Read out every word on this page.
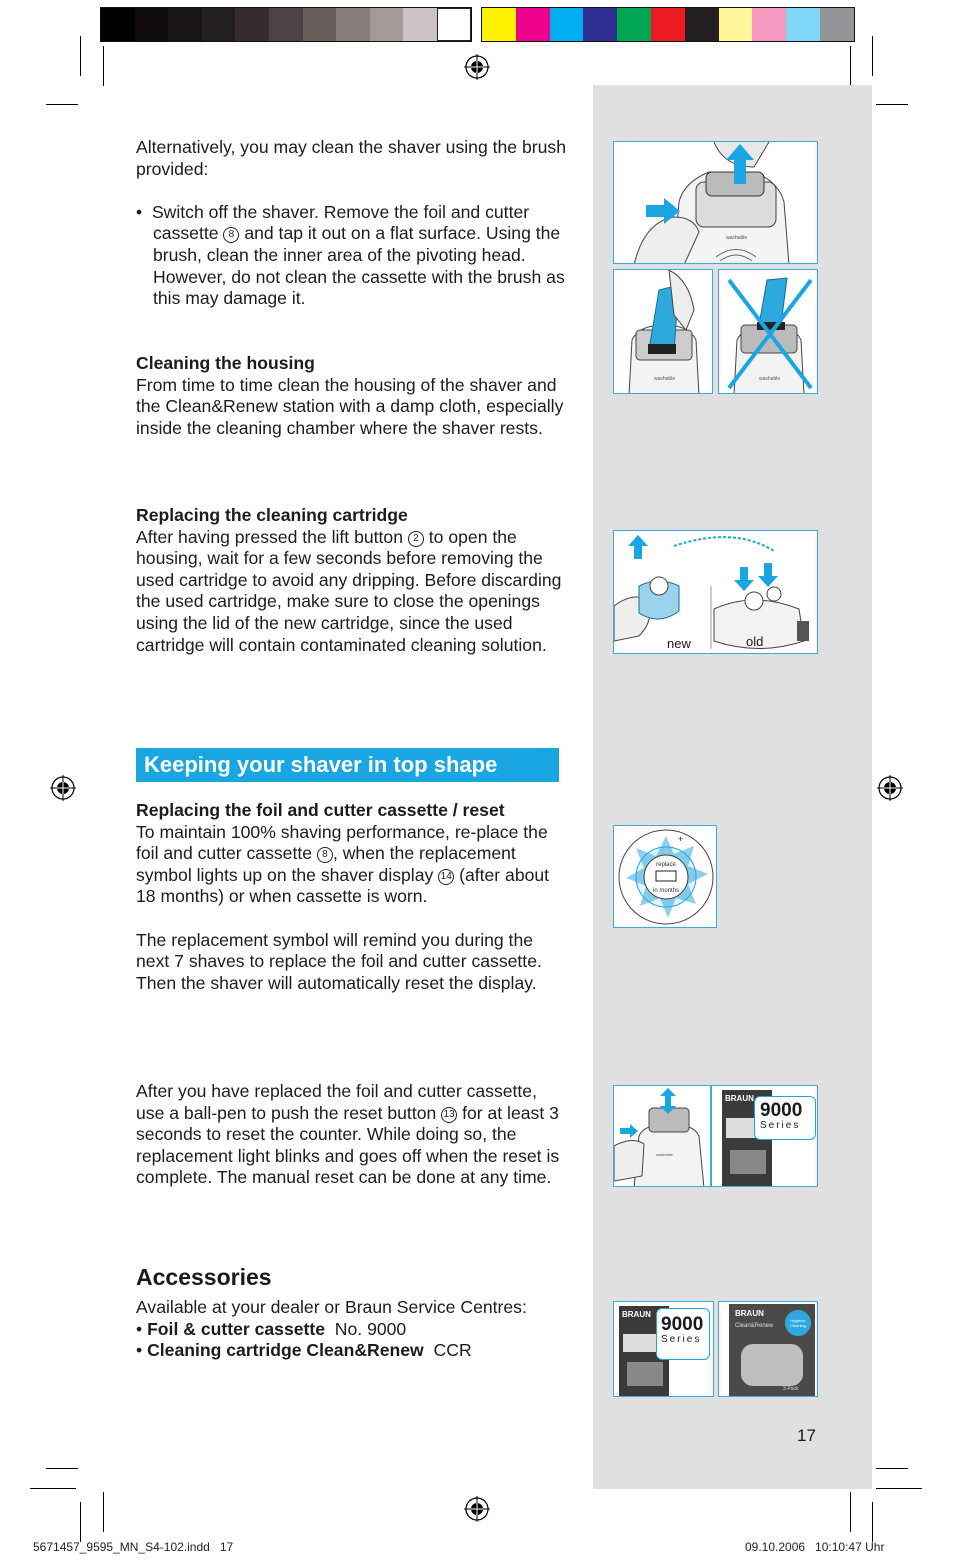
Alternatively, you may clean the shaver using the brush provided:

•  Switch off the shaver. Remove the foil and cutter cassette 8 and tap it out on a flat surface. Using the brush, clean the inner area of the pivoting head. However, do not clean the cassette with the brush as this may damage it.

Cleaning the housing

From time to time clean the housing of the shaver and the Clean&Renew station with a damp cloth, especially inside the cleaning chamber where the shaver rests.

Replacing the cleaning cartridge

After having pressed the lift button 2 to open the housing, wait for a few seconds before removing the used cartridge to avoid any dripping. Before discarding the used cartridge, make sure to close the openings using the lid of the new cartridge, since the used cartridge will contain contaminated cleaning solution.

Keeping your shaver in top shape

Replacing the foil and cutter cassette / reset

To maintain 100% shaving performance, re-place the foil and cutter cassette 8 , when the replacement symbol lights up on the shaver display 14 (after about 18 months) or when cassette is worn.

The replacement symbol will remind you during the next 7 shaves to replace the foil and cutter cassette. Then the shaver will automatically reset the display.

After you have replaced the foil and cutter cassette, use a ball-pen to push the reset button 13 for at least 3 seconds to reset the counter. While doing so, the replacement light blinks and goes off when the reset is complete. The manual reset can be done at any time.

Accessories

Available at your dealer or Braun Service Centres:

• Foil & cutter cassette No. 9000

• Cleaning cartridge Clean&Renew CCR

washable
washable	washable
new	old
replace
in months
+
washable
BRAUN
9000
Series
BRAUN 9000
Series
BRAUN
Clean&Renew
3-Pack
Hygienic Cleaning
17
5671457_9595_MN_S4-102.indd   17	09.10.2006   10:10:47 Uhr
